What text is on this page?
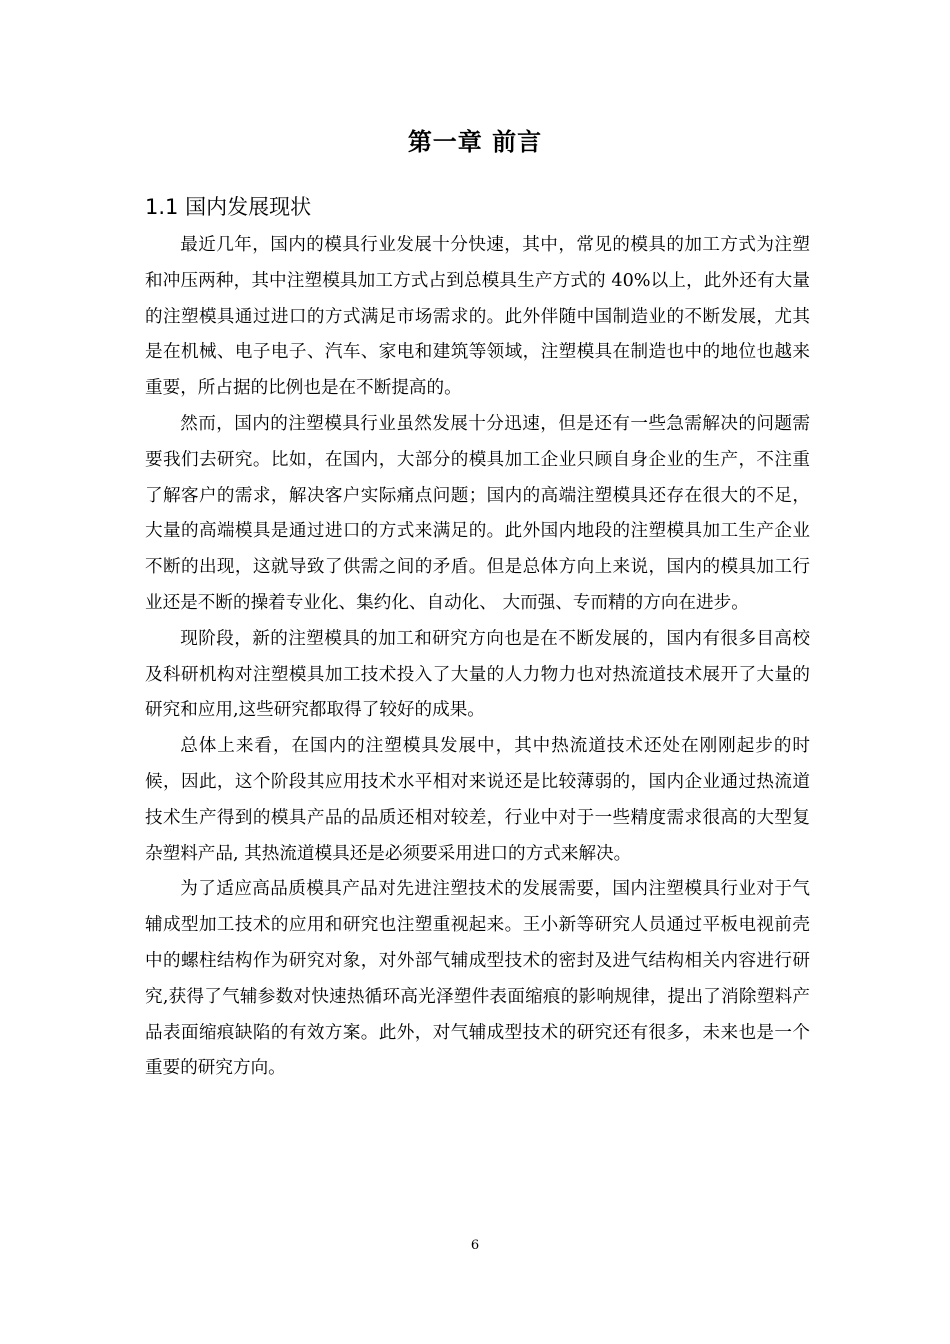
第一章 前言
1.1 国内发展现状

最近几年，国内的模具行业发展十分快速，其中，常见的模具的加工方式为注塑和冲压两种，其中注塑模具加工方式占到总模具生产方式的 40%以上，此外还有大量的注塑模具通过进口的方式满足市场需求的。此外伴随中国制造业的不断发展，尤其是在机械、电子电子、汽车、家电和建筑等领域，注塑模具在制造也中的地位也越来重要，所占据的比例也是在不断提高的。

然而，国内的注塑模具行业虽然发展十分迅速，但是还有一些急需解决的问题需要我们去研究。比如，在国内，大部分的模具加工企业只顾自身企业的生产，不注重了解客户的需求，解决客户实际痛点问题；国内的高端注塑模具还存在很大的不足，大量的高端模具是通过进口的方式来满足的。此外国内地段的注塑模具加工生产企业不断的出现，这就导致了供需之间的矛盾。但是总体方向上来说，国内的模具加工行业还是不断的操着专业化、集约化、自动化、 大而强、专而精的方向在进步。

现阶段，新的注塑模具的加工和研究方向也是在不断发展的，国内有很多目高校及科研机构对注塑模具加工技术投入了大量的人力物力也对热流道技术展开了大量的研究和应用,这些研究都取得了较好的成果。

总体上来看，在国内的注塑模具发展中，其中热流道技术还处在刚刚起步的时候，因此，这个阶段其应用技术水平相对来说还是比较薄弱的，国内企业通过热流道技术生产得到的模具产品的品质还相对较差，行业中对于一些精度需求很高的大型复杂塑料产品, 其热流道模具还是必须要采用进口的方式来解决。

为了适应高品质模具产品对先进注塑技术的发展需要，国内注塑模具行业对于气辅成型加工技术的应用和研究也注塑重视起来。王小新等研究人员通过平板电视前壳中的螺柱结构作为研究对象，对外部气辅成型技术的密封及进气结构相关内容进行研究,获得了气辅参数对快速热循环高光泽塑件表面缩痕的影响规律，提出了消除塑料产品表面缩痕缺陷的有效方案。此外，对气辅成型技术的研究还有很多，未来也是一个重要的研究方向。

6
